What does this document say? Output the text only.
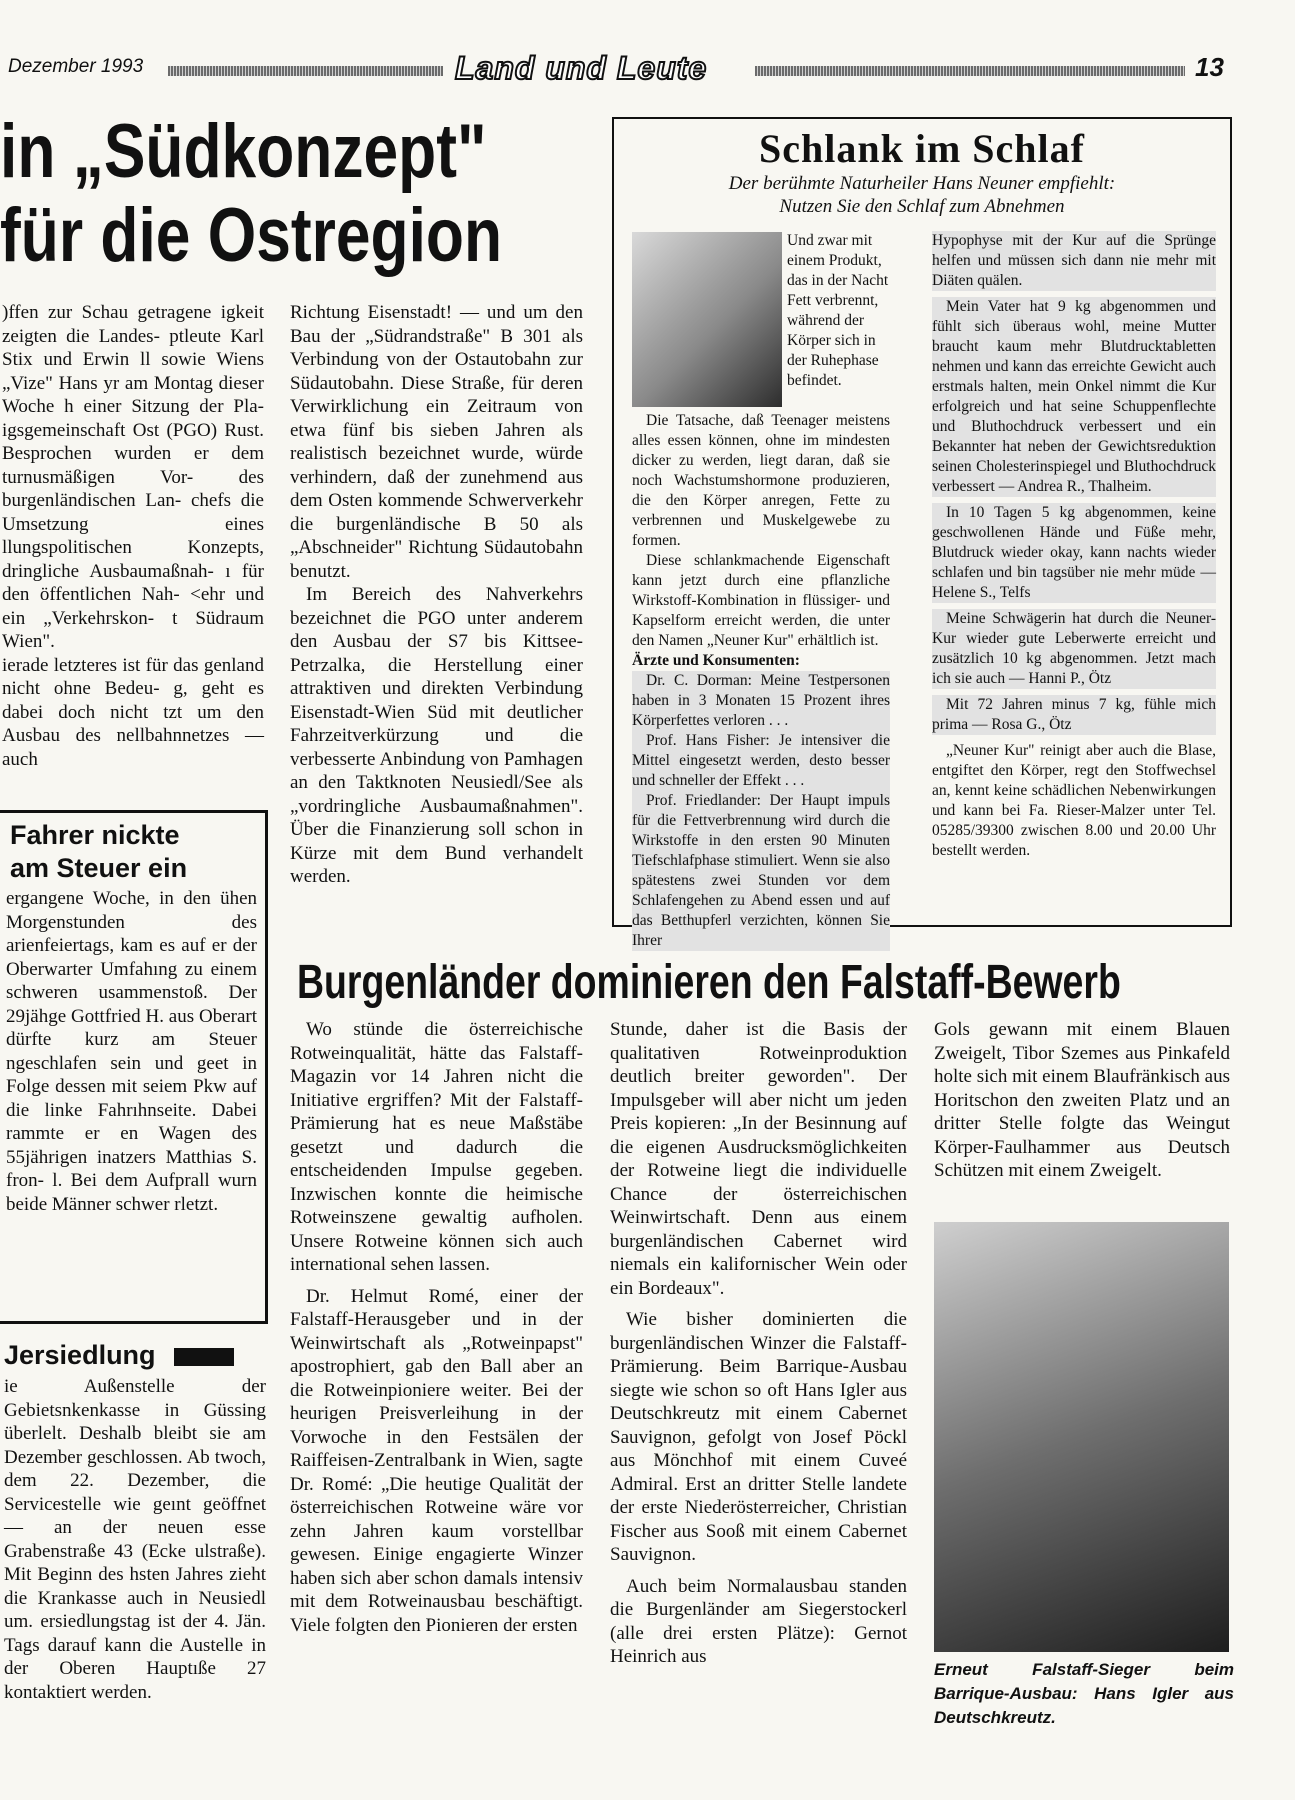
Dezember 1993	Land und Leute	13
in „Südkonzept"
für die Ostregion

)ffen zur Schau getragene igkeit zeigten die Landes- ptleute Karl Stix und Erwin ll sowie Wiens „Vize" Hans yr am Montag dieser Woche h einer Sitzung der Pla- igsgemeinschaft Ost (PGO) Rust. Besprochen wurden er dem turnusmäßigen Vor- des burgenländischen Lan- chefs die Umsetzung eines llungspolitischen Konzepts, dringliche Ausbaumaßnah- ı für den öffentlichen Nah- <ehr und ein „Verkehrskon- t Südraum Wien".

ierade letzteres ist für das genland nicht ohne Bedeu- g, geht es dabei doch nicht tzt um den Ausbau des nellbahnnetzes — auch

Richtung Eisenstadt! — und um den Bau der „Südrandstraße" B 301 als Verbindung von der Ostautobahn zur Südautobahn. Diese Straße, für deren Verwirklichung ein Zeitraum von etwa fünf bis sieben Jahren als realistisch bezeichnet wurde, würde verhindern, daß der zunehmend aus dem Osten kommende Schwerverkehr die burgenländische B 50 als „Abschneider" Richtung Südautobahn benutzt.

Im Bereich des Nahverkehrs bezeichnet die PGO unter anderem den Ausbau der S7 bis Kittsee-Petrzalka, die Herstellung einer attraktiven und direkten Verbindung Eisenstadt-Wien Süd mit deutlicher Fahrzeitverkürzung und die verbesserte Anbindung von Pamhagen an den Taktknoten Neusiedl/See als „vordringliche Ausbaumaßnahmen". Über die Finanzierung soll schon in Kürze mit dem Bund verhandelt werden.

Fahrer nickte
am Steuer ein
ergangene Woche, in den ühen Morgenstunden des arienfeiertags, kam es auf er der Oberwarter Umfahıng zu einem schweren usammenstoß. Der 29jähge Gottfried H. aus Oberart dürfte kurz am Steuer ngeschlafen sein und geet in Folge dessen mit seiem Pkw auf die linke Fahrıhnseite. Dabei rammte er en Wagen des 55jährigen inatzers Matthias S. fron- l. Bei dem Aufprall wurn beide Männer schwer rletzt.
Jersiedlung
ie Außenstelle der Gebietsnkenkasse in Güssing überlelt. Deshalb bleibt sie am Dezember geschlossen. Ab twoch, dem 22. Dezember, die Servicestelle wie geınt geöffnet — an der neuen esse Grabenstraße 43 (Ecke ulstraße). Mit Beginn des hsten Jahres zieht die Krankasse auch in Neusiedl um. ersiedlungstag ist der 4. Jän. Tags darauf kann die Austelle in der Oberen Hauptıße 27 kontaktiert werden.
Schlank im Schlaf
Der berühmte Naturheiler Hans Neuner empfiehlt:
Nutzen Sie den Schlaf zum Abnehmen
Und zwar mit einem Produkt, das in der Nacht Fett verbrennt, während der Körper sich in der Ruhephase befindet.

Die Tatsache, daß Teenager meistens alles essen können, ohne im mindesten dicker zu werden, liegt daran, daß sie noch Wachstumshormone produzieren, die den Körper anregen, Fette zu verbrennen und Muskelgewebe zu formen.

Diese schlankmachende Eigenschaft kann jetzt durch eine pflanzliche Wirkstoff-Kombination in flüssiger- und Kapselform erreicht werden, die unter den Namen „Neuner Kur" erhältlich ist.

Ärzte und Konsumenten:

Dr. C. Dorman: Meine Testpersonen haben in 3 Monaten 15 Prozent ihres Körperfettes verloren . . .

Prof. Hans Fisher: Je intensiver die Mittel eingesetzt werden, desto besser und schneller der Effekt . . .

Prof. Friedlander: Der Haupt impuls für die Fettverbrennung wird durch die Wirkstoffe in den ersten 90 Minuten Tiefschlafphase stimuliert. Wenn sie also spätestens zwei Stunden vor dem Schlafengehen zu Abend essen und auf das Betthupferl verzichten, können Sie Ihrer

Hypophyse mit der Kur auf die Sprünge helfen und müssen sich dann nie mehr mit Diäten quälen.

Mein Vater hat 9 kg abgenommen und fühlt sich überaus wohl, meine Mutter braucht kaum mehr Blutdrucktabletten nehmen und kann das erreichte Gewicht auch erstmals halten, mein Onkel nimmt die Kur erfolgreich und hat seine Schuppenflechte und Bluthochdruck verbessert und ein Bekannter hat neben der Gewichtsreduktion seinen Cholesterinspiegel und Bluthochdruck verbessert — Andrea R., Thalheim.

In 10 Tagen 5 kg abgenommen, keine geschwollenen Hände und Füße mehr, Blutdruck wieder okay, kann nachts wieder schlafen und bin tagsüber nie mehr müde — Helene S., Telfs

Meine Schwägerin hat durch die Neuner-Kur wieder gute Leberwerte erreicht und zusätzlich 10 kg abgenommen. Jetzt mach ich sie auch — Hanni P., Ötz

Mit 72 Jahren minus 7 kg, fühle mich prima — Rosa G., Ötz

„Neuner Kur" reinigt aber auch die Blase, entgiftet den Körper, regt den Stoffwechsel an, kennt keine schädlichen Nebenwirkungen und kann bei Fa. Rieser-Malzer unter Tel. 05285/39300 zwischen 8.00 und 20.00 Uhr bestellt werden.

Burgenländer dominieren den Falstaff-Bewerb

Wo stünde die österreichische Rotweinqualität, hätte das Falstaff-Magazin vor 14 Jahren nicht die Initiative ergriffen? Mit der Falstaff-Prämierung hat es neue Maßstäbe gesetzt und dadurch die entscheidenden Impulse gegeben. Inzwischen konnte die heimische Rotweinszene gewaltig aufholen. Unsere Rotweine können sich auch international sehen lassen.

Dr. Helmut Romé, einer der Falstaff-Herausgeber und in der Weinwirtschaft als „Rotweinpapst" apostrophiert, gab den Ball aber an die Rotweinpioniere weiter. Bei der heurigen Preisverleihung in der Vorwoche in den Festsälen der Raiffeisen-Zentralbank in Wien, sagte Dr. Romé: „Die heutige Qualität der österreichischen Rotweine wäre vor zehn Jahren kaum vorstellbar gewesen. Einige engagierte Winzer haben sich aber schon damals intensiv mit dem Rotweinausbau beschäftigt. Viele folgten den Pionieren der ersten

Stunde, daher ist die Basis der qualitativen Rotweinproduktion deutlich breiter geworden". Der Impulsgeber will aber nicht um jeden Preis kopieren: „In der Besinnung auf die eigenen Ausdrucksmöglichkeiten der Rotweine liegt die individuelle Chance der österreichischen Weinwirtschaft. Denn aus einem burgenländischen Cabernet wird niemals ein kalifornischer Wein oder ein Bordeaux".

Wie bisher dominierten die burgenländischen Winzer die Falstaff-Prämierung. Beim Barrique-Ausbau siegte wie schon so oft Hans Igler aus Deutschkreutz mit einem Cabernet Sauvignon, gefolgt von Josef Pöckl aus Mönchhof mit einem Cuveé Admiral. Erst an dritter Stelle landete der erste Niederösterreicher, Christian Fischer aus Sooß mit einem Cabernet Sauvignon.

Auch beim Normalausbau standen die Burgenländer am Siegerstockerl (alle drei ersten Plätze): Gernot Heinrich aus

Gols gewann mit einem Blauen Zweigelt, Tibor Szemes aus Pinkafeld holte sich mit einem Blaufränkisch aus Horitschon den zweiten Platz und an dritter Stelle folgte das Weingut Körper-Faulhammer aus Deutsch Schützen mit einem Zweigelt.
Erneut Falstaff-Sieger beim Barrique-Ausbau: Hans Igler aus Deutschkreutz.
